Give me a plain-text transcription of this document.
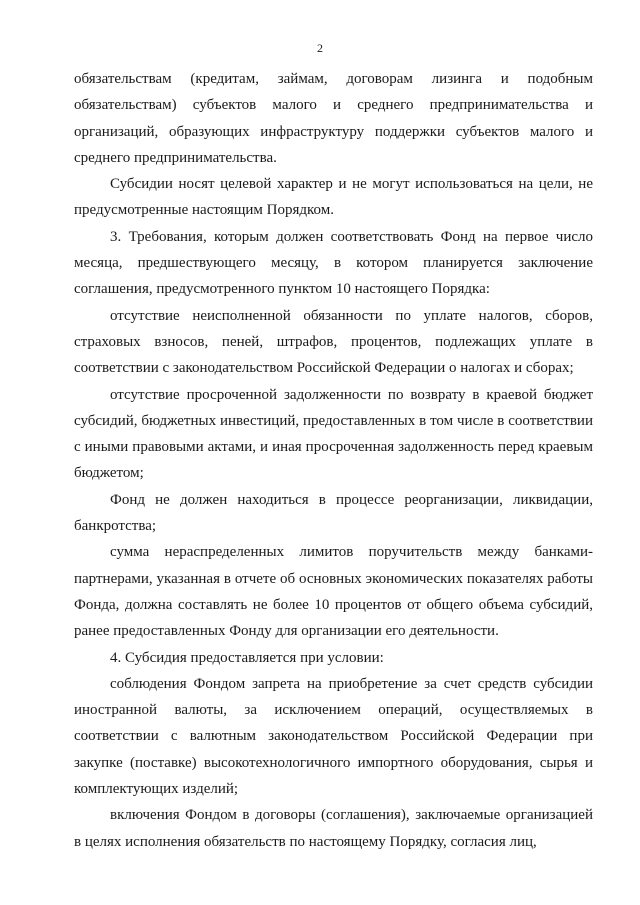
2

обязательствам (кредитам, займам, договорам лизинга и подобным обязательствам) субъектов малого и среднего предпринимательства и организаций, образующих инфраструктуру поддержки субъектов малого и среднего предпринимательства.

Субсидии носят целевой характер и не могут использоваться на цели, не предусмотренные настоящим Порядком.

3. Требования, которым должен соответствовать Фонд на первое число месяца, предшествующего месяцу, в котором планируется заключение соглашения, предусмотренного пунктом 10 настоящего Порядка:

отсутствие неисполненной обязанности по уплате налогов, сборов, страховых взносов, пеней, штрафов, процентов, подлежащих уплате в соответствии с законодательством Российской Федерации о налогах и сборах;

отсутствие просроченной задолженности по возврату в краевой бюджет субсидий, бюджетных инвестиций, предоставленных в том числе в соответствии с иными правовыми актами, и иная просроченная задолженность перед краевым бюджетом;

Фонд не должен находиться в процессе реорганизации, ликвидации, банкротства;

сумма нераспределенных лимитов поручительств между банками-партнерами, указанная в отчете об основных экономических показателях работы Фонда, должна составлять не более 10 процентов от общего объема субсидий, ранее предоставленных Фонду для организации его деятельности.

4. Субсидия предоставляется при условии:

соблюдения Фондом запрета на приобретение за счет средств субсидии иностранной валюты, за исключением операций, осуществляемых в соответствии с валютным законодательством Российской Федерации при закупке (поставке) высокотехнологичного импортного оборудования, сырья и комплектующих изделий;

включения Фондом в договоры (соглашения), заключаемые организацией в целях исполнения обязательств по настоящему Порядку, согласия лиц,
